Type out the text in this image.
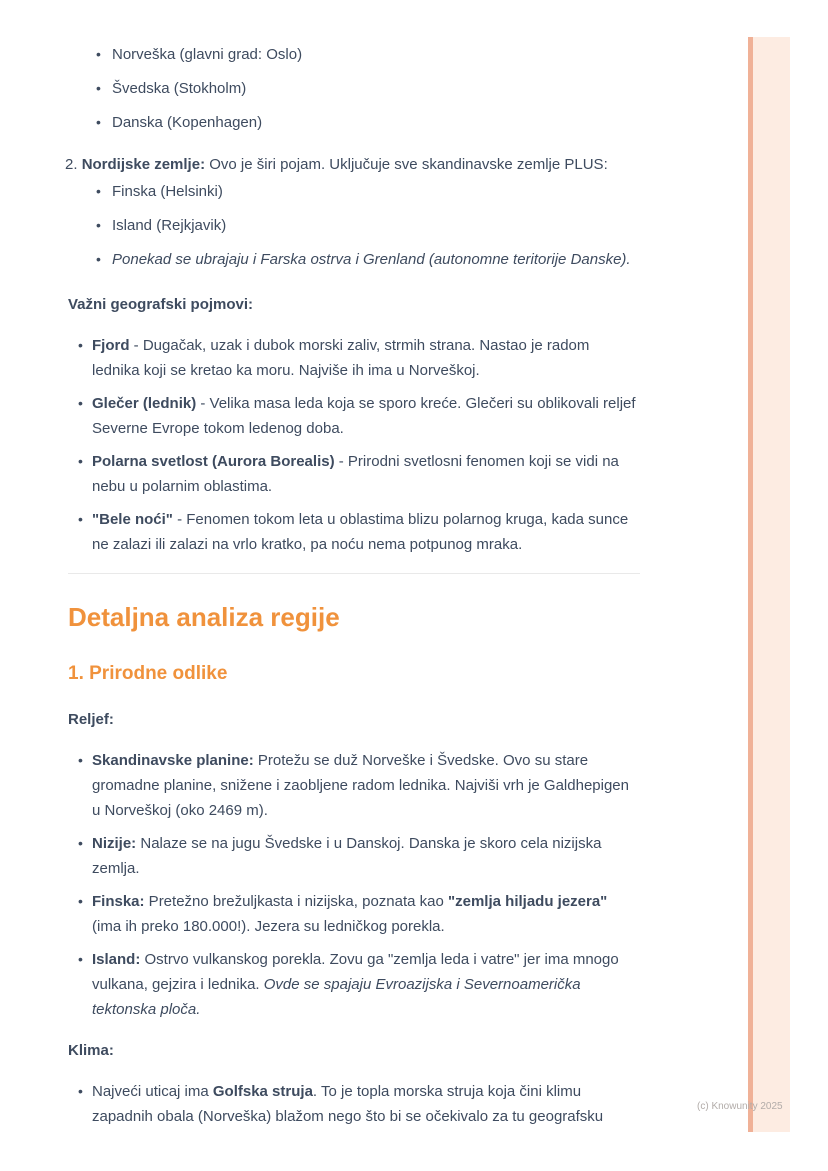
• Norveška (glavni grad: Oslo)
• Švedska (Stokholm)
• Danska (Kopenhagen)
2. Nordijske zemlje: Ovo je širi pojam. Uključuje sve skandinavske zemlje PLUS:
• Finska (Helsinki)
• Island (Rejkjavik)
• Ponekad se ubrajaju i Farska ostrva i Grenland (autonomne teritorije Danske).

Važni geografski pojmovi:

• Fjord - Dugačak, uzak i dubok morski zaliv, strmih strana. Nastao je radom lednika koji se kretao ka moru. Najviše ih ima u Norveškoj.
• Glečer (lednik) - Velika masa leda koja se sporo kreće. Glečeri su oblikovali reljef Severne Evrope tokom ledenog doba.
• Polarna svetlost (Aurora Borealis) - Prirodni svetlosni fenomen koji se vidi na nebu u polarnim oblastima.
• "Bele noći" - Fenomen tokom leta u oblastima blizu polarnog kruga, kada sunce ne zalazi ili zalazi na vrlo kratko, pa noću nema potpunog mraka.
Detaljna analiza regije
1. Prirodne odlike

Reljef:

• Skandinavske planine: Protežu se duž Norveške i Švedske. Ovo su stare gromadne planine, snižene i zaobljene radom lednika. Najviši vrh je Galdhepigen u Norveškoj (oko 2469 m).
• Nizije: Nalaze se na jugu Švedske i u Danskoj. Danska je skoro cela nizijska zemlja.
• Finska: Pretežno brežuljkasta i nizijska, poznata kao "zemlja hiljadu jezera" (ima ih preko 180.000!). Jezera su ledničkog porekla.
• Island: Ostrvo vulkanskog porekla. Zovu ga "zemlja leda i vatre" jer ima mnogo vulkana, gejzira i lednika. Ovde se spajaju Evroazijska i Severnoamerička tektonska ploča.

Klima:

• Najveći uticaj ima Golfska struja. To je topla morska struja koja čini klimu zapadnih obala (Norveška) blažom nego što bi se očekivalo za tu geografsku
(c) Knowunity 2025
